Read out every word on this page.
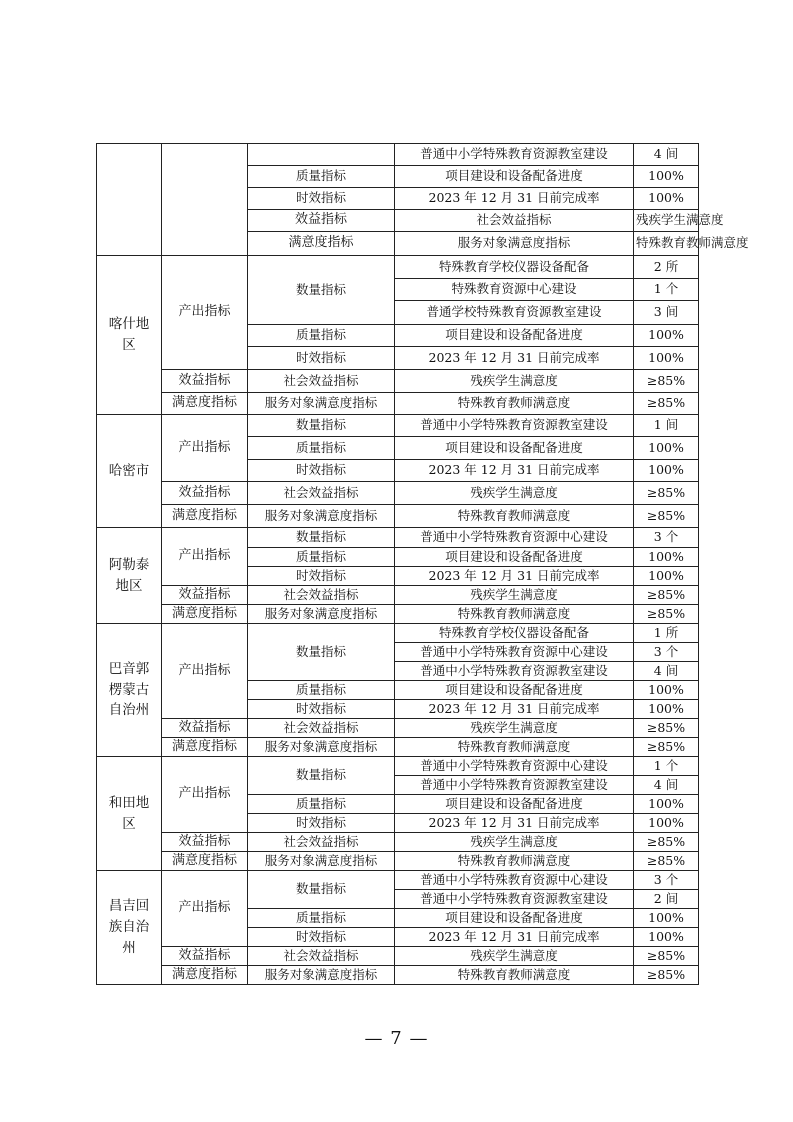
			普通中小学特殊教育资源教室建设	4 间	
		质量指标	项目建设和设备配备进度	100%	
		时效指标	2023 年 12 月 31 日前完成率	100%	
		效益指标	社会效益指标	残疾学生满意度	
		满意度指标	服务对象满意度指标	特殊教育教师满意度	
喀什地区	产出指标	数量指标	特殊教育学校仪器设备配备	2 所	
			特殊教育资源中心建设	1 个	
			普通学校特殊教育资源教室建设	3 间	
		质量指标	项目建设和设备配备进度	100%	
		时效指标	2023 年 12 月 31 日前完成率	100%	
	效益指标	社会效益指标	残疾学生满意度	≥85%	
	满意度指标	服务对象满意度指标	特殊教育教师满意度	≥85%	
哈密市	产出指标	数量指标	普通中小学特殊教育资源教室建设	1 间	
		质量指标	项目建设和设备配备进度	100%	
		时效指标	2023 年 12 月 31 日前完成率	100%	
	效益指标	社会效益指标	残疾学生满意度	≥85%	
	满意度指标	服务对象满意度指标	特殊教育教师满意度	≥85%	
阿勒泰地区	产出指标	数量指标	普通中小学特殊教育资源中心建设	3 个	
		质量指标	项目建设和设备配备进度	100%	
		时效指标	2023 年 12 月 31 日前完成率	100%	
	效益指标	社会效益指标	残疾学生满意度	≥85%	
	满意度指标	服务对象满意度指标	特殊教育教师满意度	≥85%	
巴音郭楞蒙古自治州	产出指标	数量指标	特殊教育学校仪器设备配备	1 所	
			普通中小学特殊教育资源中心建设	3 个	
			普通中小学特殊教育资源教室建设	4 间	
		质量指标	项目建设和设备配备进度	100%	
		时效指标	2023 年 12 月 31 日前完成率	100%	
	效益指标	社会效益指标	残疾学生满意度	≥85%	
	满意度指标	服务对象满意度指标	特殊教育教师满意度	≥85%	
和田地区	产出指标	数量指标	普通中小学特殊教育资源中心建设	1 个	
			普通中小学特殊教育资源教室建设	4 间	
		质量指标	项目建设和设备配备进度	100%	
		时效指标	2023 年 12 月 31 日前完成率	100%	
	效益指标	社会效益指标	残疾学生满意度	≥85%	
	满意度指标	服务对象满意度指标	特殊教育教师满意度	≥85%	
昌吉回族自治州	产出指标	数量指标	普通中小学特殊教育资源中心建设	3 个	
			普通中小学特殊教育资源教室建设	2 间	
		质量指标	项目建设和设备配备进度	100%	
		时效指标	2023 年 12 月 31 日前完成率	100%	
	效益指标	社会效益指标	残疾学生满意度	≥85%	
	满意度指标	服务对象满意度指标	特殊教育教师满意度	≥85%	
— 7 —
